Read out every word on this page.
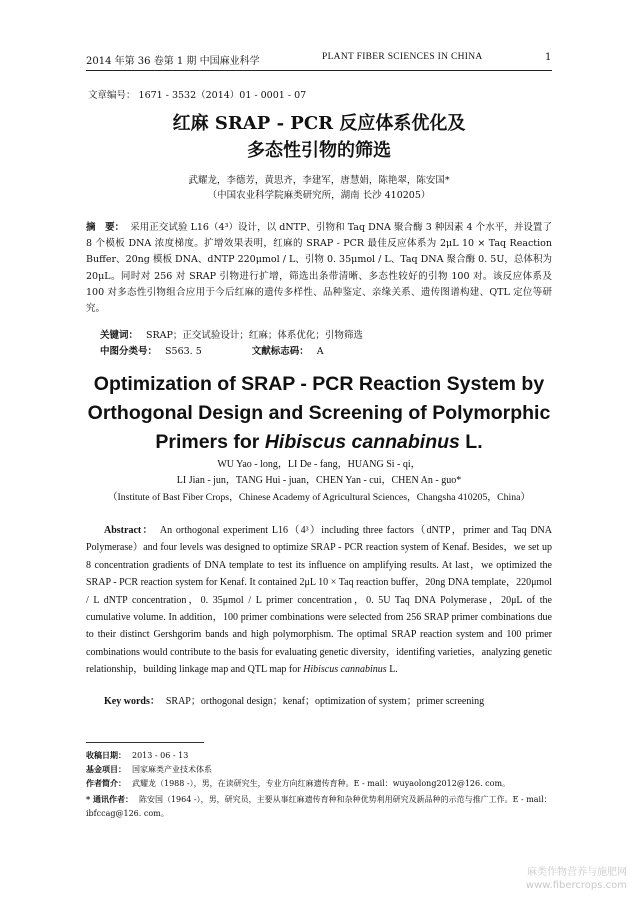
2014 年第 36 卷第 1 期 中国麻业科学	PLANT FIBER SCIENCES IN CHINA	1
文章编号： 1671 - 3532（2014）01 - 0001 - 07
红麻 SRAP - PCR 反应体系优化及
多态性引物的筛选
武耀龙，李德芳，黄思齐，李建军，唐慧娟，陈艳翠，陈安国*
（中国农业科学院麻类研究所，湖南 长沙 410205）
摘　要： 采用正交试验 L16（4³）设计，以 dNTP、引物和 Taq DNA 聚合酶 3 种因素 4 个水平，并设置了 8 个模板 DNA 浓度梯度。扩增效果表明，红麻的 SRAP - PCR 最佳反应体系为 2μL 10 × Taq Reaction Buffer、20ng 模板 DNA、dNTP 220μmol / L、引物 0. 35μmol / L、Taq DNA 聚合酶 0. 5U，总体积为 20μL。同时对 256 对 SRAP 引物进行扩增，筛选出条带清晰、多态性较好的引物 100 对。该反应体系及 100 对多态性引物组合应用于今后红麻的遗传多样性、品种鉴定、亲缘关系、遗传图谱构建、QTL 定位等研究。
关键词： SRAP；正交试验设计；红麻；体系优化；引物筛选
中图分类号： S563. 5	文献标志码： A
Optimization of SRAP - PCR Reaction System by
Orthogonal Design and Screening of Polymorphic
Primers for Hibiscus cannabinus L.
WU Yao - long，LI De - fang，HUANG Si - qi，
LI Jian - jun，TANG Hui - juan，CHEN Yan - cui，CHEN An - guo*
（Institute of Bast Fiber Crops，Chinese Academy of Agricultural Sciences，Changsha 410205，China）
Abstract： An orthogonal experiment L16（4³）including three factors（dNTP，primer and Taq DNA Polymerase）and four levels was designed to optimize SRAP - PCR reaction system of Kenaf. Besides，we set up 8 concentration gradients of DNA template to test its influence on amplifying results. At last，we optimized the SRAP - PCR reaction system for Kenaf. It contained 2μL 10 × Taq reaction buffer，20ng DNA template，220μmol / L dNTP concentration，0. 35μmol / L primer concentration，0. 5U Taq DNA Polymerase，20μL of the cumulative volume. In addition，100 primer combinations were selected from 256 SRAP primer combinations due to their distinct Gershgorim bands and high polymorphism. The optimal SRAP reaction system and 100 primer combinations would contribute to the basis for evaluating genetic diversity，identifing varieties，analyzing genetic relationship，building linkage map and QTL map for Hibiscus cannabinus L.
Key words： SRAP；orthogonal design；kenaf；optimization of system；primer screening
收稿日期： 2013 - 06 - 13
基金项目： 国家麻类产业技术体系
作者简介： 武耀龙（1988 -），男，在读研究生，专业方向红麻遗传育种。E - mail：wuyaolong2012@126. com。
* 通讯作者： 陈安国（1964 -），男，研究员，主要从事红麻遗传育种和杂种优势利用研究及新品种的示范与推广工作。E - mail：ibfccag@126. com。
麻类作物营养与施肥网
www.fibercrops.com
